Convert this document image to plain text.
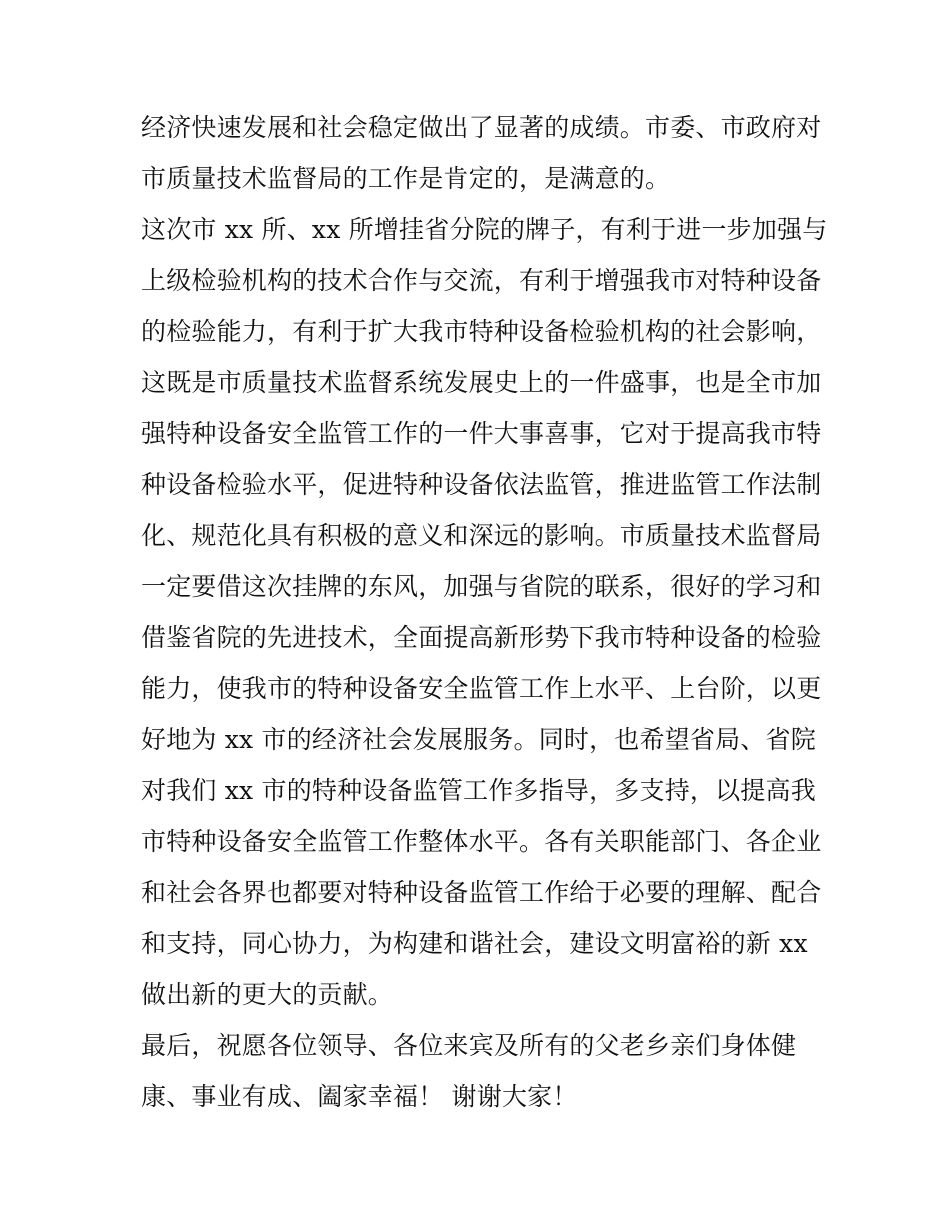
经济快速发展和社会稳定做出了显著的成绩。市委、市政府对
市质量技术监督局的工作是肯定的，是满意的。
这次市 xx 所、xx 所增挂省分院的牌子，有利于进一步加强与
上级检验机构的技术合作与交流，有利于增强我市对特种设备
的检验能力，有利于扩大我市特种设备检验机构的社会影响，
这既是市质量技术监督系统发展史上的一件盛事，也是全市加
强特种设备安全监管工作的一件大事喜事，它对于提高我市特
种设备检验水平，促进特种设备依法监管，推进监管工作法制
化、规范化具有积极的意义和深远的影响。市质量技术监督局
一定要借这次挂牌的东风，加强与省院的联系，很好的学习和
借鉴省院的先进技术，全面提高新形势下我市特种设备的检验
能力，使我市的特种设备安全监管工作上水平、上台阶，以更
好地为 xx 市的经济社会发展服务。同时，也希望省局、省院
对我们 xx 市的特种设备监管工作多指导，多支持，以提高我
市特种设备安全监管工作整体水平。各有关职能部门、各企业
和社会各界也都要对特种设备监管工作给于必要的理解、配合
和支持，同心协力，为构建和谐社会，建设文明富裕的新 xx
做出新的更大的贡献。
最后，祝愿各位领导、各位来宾及所有的父老乡亲们身体健
康、事业有成、阖家幸福！ 谢谢大家！
